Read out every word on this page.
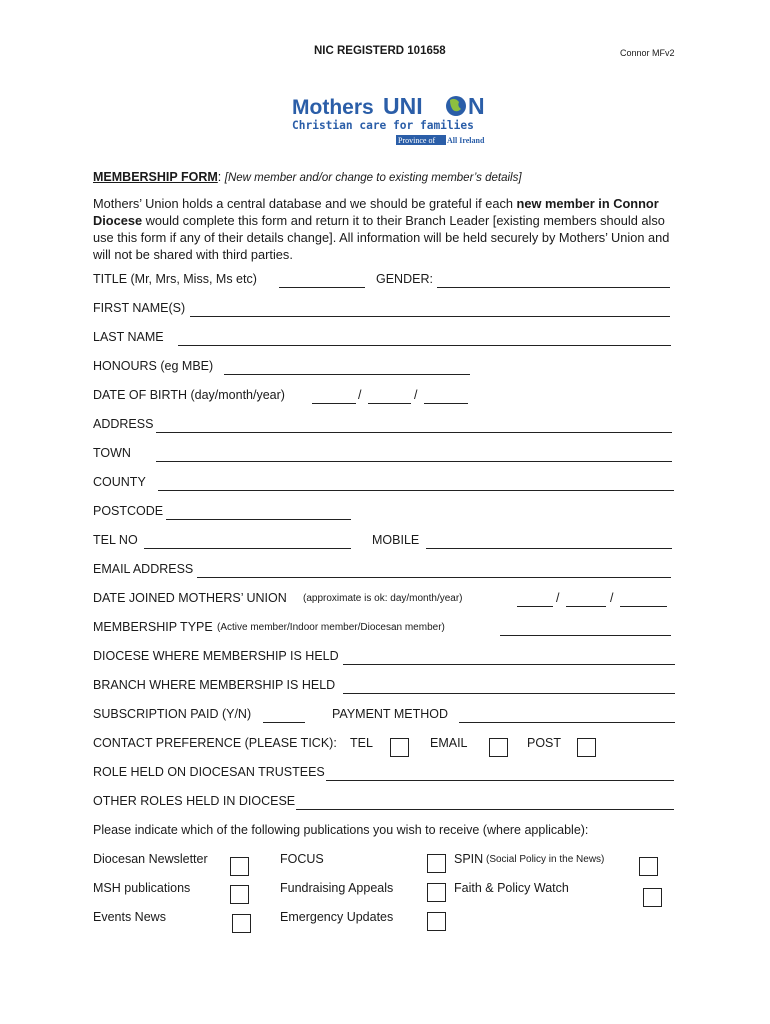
NIC REGISTERD 101658	Connor MFv2
Mothers UNI N
Christian care for families
Province of All Ireland
MEMBERSHIP FORM: [New member and/or change to existing member’s details]
Mothers’ Union holds a central database and we should be grateful if each new member in Connor Diocese would complete this form and return it to their Branch Leader [existing members should also use this form if any of their details change]. All information will be held securely by Mothers’ Union and will not be shared with third parties.
TITLE (Mr, Mrs, Miss, Ms etc)	GENDER:
FIRST NAME(S)
LAST NAME
HONOURS (eg MBE)
DATE OF BIRTH (day/month/year)	/	/
ADDRESS
TOWN
COUNTY
POSTCODE
TEL NO	MOBILE
EMAIL ADDRESS
DATE JOINED MOTHERS’ UNION (approximate is ok: day/month/year)	/	/
MEMBERSHIP TYPE (Active member/Indoor member/Diocesan member)
DIOCESE WHERE MEMBERSHIP IS HELD
BRANCH WHERE MEMBERSHIP IS HELD
SUBSCRIPTION PAID (Y/N)	PAYMENT METHOD
CONTACT PREFERENCE (PLEASE TICK): TEL	EMAIL	POST
ROLE HELD ON DIOCESAN TRUSTEES
OTHER ROLES HELD IN DIOCESE
Please indicate which of the following publications you wish to receive (where applicable):
Diocesan Newsletter	FOCUS	SPIN (Social Policy in the News)
MSH publications	Fundraising Appeals	Faith & Policy Watch
Events News	Emergency Updates
